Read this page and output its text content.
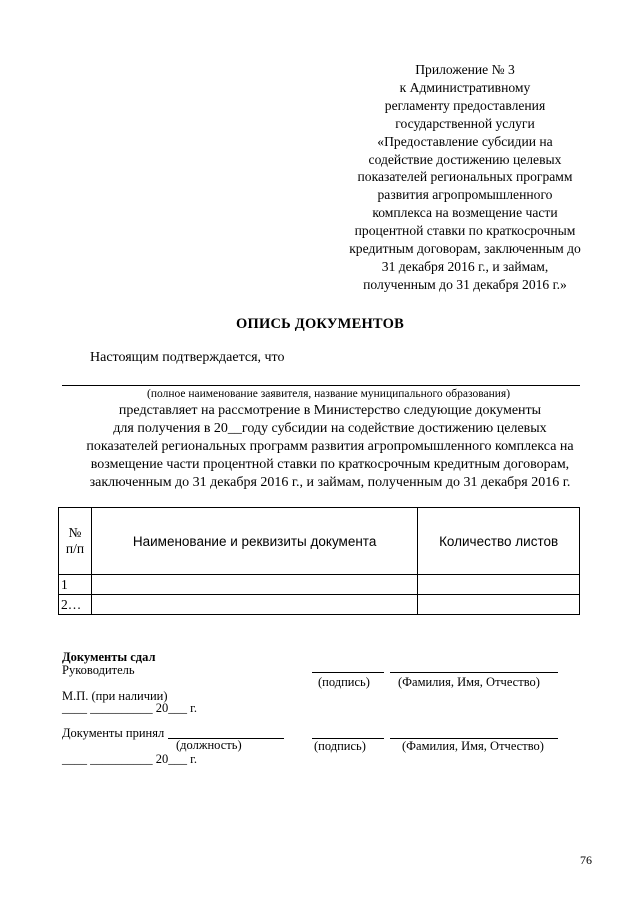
Приложение № 3
к Административному
регламенту предоставления
государственной услуги
«Предоставление субсидии на
содействие достижению целевых
показателей региональных программ
развития агропромышленного
комплекса на возмещение части
процентной ставки по краткосрочным
кредитным договорам, заключенным до
31 декабря 2016 г., и займам,
полученным до 31 декабря 2016 г.»
ОПИСЬ ДОКУМЕНТОВ
Настоящим подтверждается, что
(полное наименование заявителя, название муниципального образования)
представляет на рассмотрение в Министерство следующие документы
для получения в 20__году субсидии на содействие достижению целевых
показателей региональных программ развития агропромышленного комплекса на
возмещение части процентной ставки по краткосрочным кредитным договорам,
заключенным до 31 декабря 2016 г., и займам, полученным до 31 декабря 2016 г.
№
п/п	Наименование и реквизиты документа	Количество листов
1		
2…		
Документы сдал
Руководитель
(подпись) (Фамилия, Имя, Отчество)
М.П. (при наличии)
____ __________ 20___ г.
Документы принял
(должность)	(подпись)	(Фамилия, Имя, Отчество)
____ __________ 20___ г.
76
